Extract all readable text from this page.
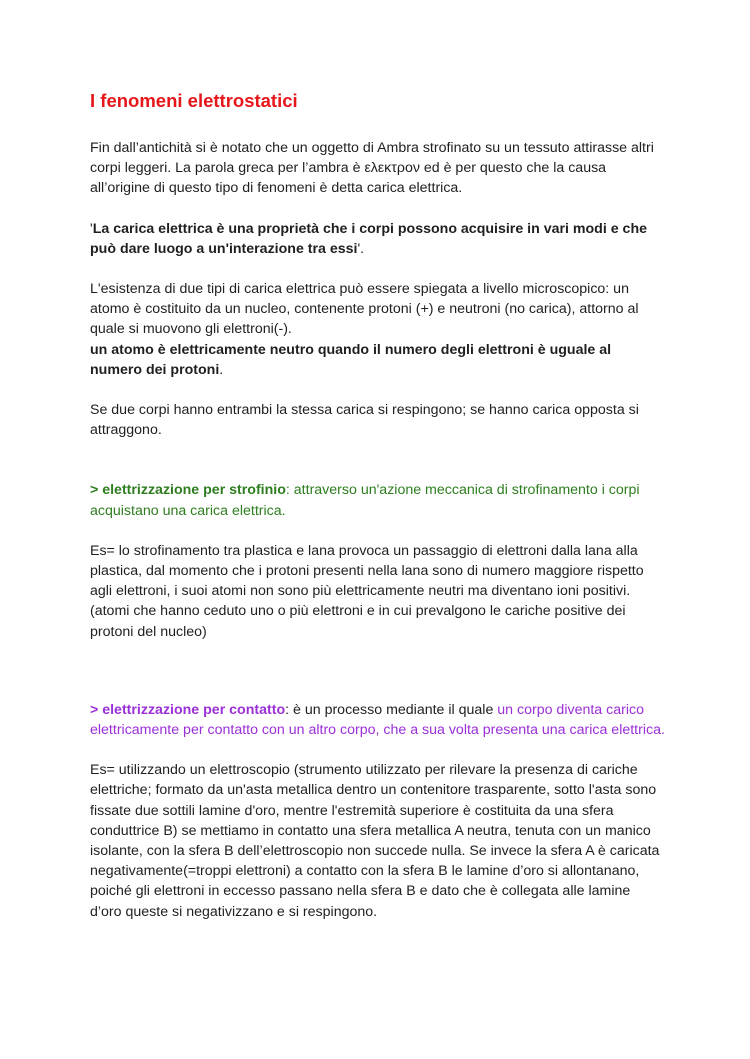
I fenomeni elettrostatici

Fin dall’antichità si è notato che un oggetto di Ambra strofinato su un tessuto attirasse altri corpi leggeri. La parola greca per l’ambra è ελεκτρον ed è per questo che la causa all’origine di questo tipo di fenomeni è detta carica elettrica.

'La carica elettrica è una proprietà che i corpi possono acquisire in vari modi e che può dare luogo a un'interazione tra essi'.

L'esistenza di due tipi di carica elettrica può essere spiegata a livello microscopico: un atomo è costituito da un nucleo, contenente protoni (+) e neutroni (no carica), attorno al quale si muovono gli elettroni(-).
un atomo è elettricamente neutro quando il numero degli elettroni è uguale al numero dei protoni.

Se due corpi hanno entrambi la stessa carica si respingono; se hanno carica opposta si attraggono.

> elettrizzazione per strofinio: attraverso un'azione meccanica di strofinamento i corpi acquistano una carica elettrica.

Es= lo strofinamento tra plastica e lana provoca un passaggio di elettroni dalla lana alla plastica, dal momento che i protoni presenti nella lana sono di numero maggiore rispetto agli elettroni, i suoi atomi non sono più elettricamente neutri ma diventano ioni positivi. (atomi che hanno ceduto uno o più elettroni e in cui prevalgono le cariche positive dei protoni del nucleo)

> elettrizzazione per contatto: è un processo mediante il quale un corpo diventa carico elettricamente per contatto con un altro corpo, che a sua volta presenta una carica elettrica.

Es= utilizzando un elettroscopio (strumento utilizzato per rilevare la presenza di cariche elettriche; formato da un'asta metallica dentro un contenitore trasparente, sotto l'asta sono fissate due sottili lamine d'oro, mentre l'estremità superiore è costituita da una sfera conduttrice B) se mettiamo in contatto una sfera metallica A neutra, tenuta con un manico isolante, con la sfera B dell’elettroscopio non succede nulla. Se invece la sfera A è caricata negativamente(=troppi elettroni) a contatto con la sfera B le lamine d’oro si allontanano, poiché gli elettroni in eccesso passano nella sfera B e dato che è collegata alle lamine d’oro queste si negativizzano e si respingono.
